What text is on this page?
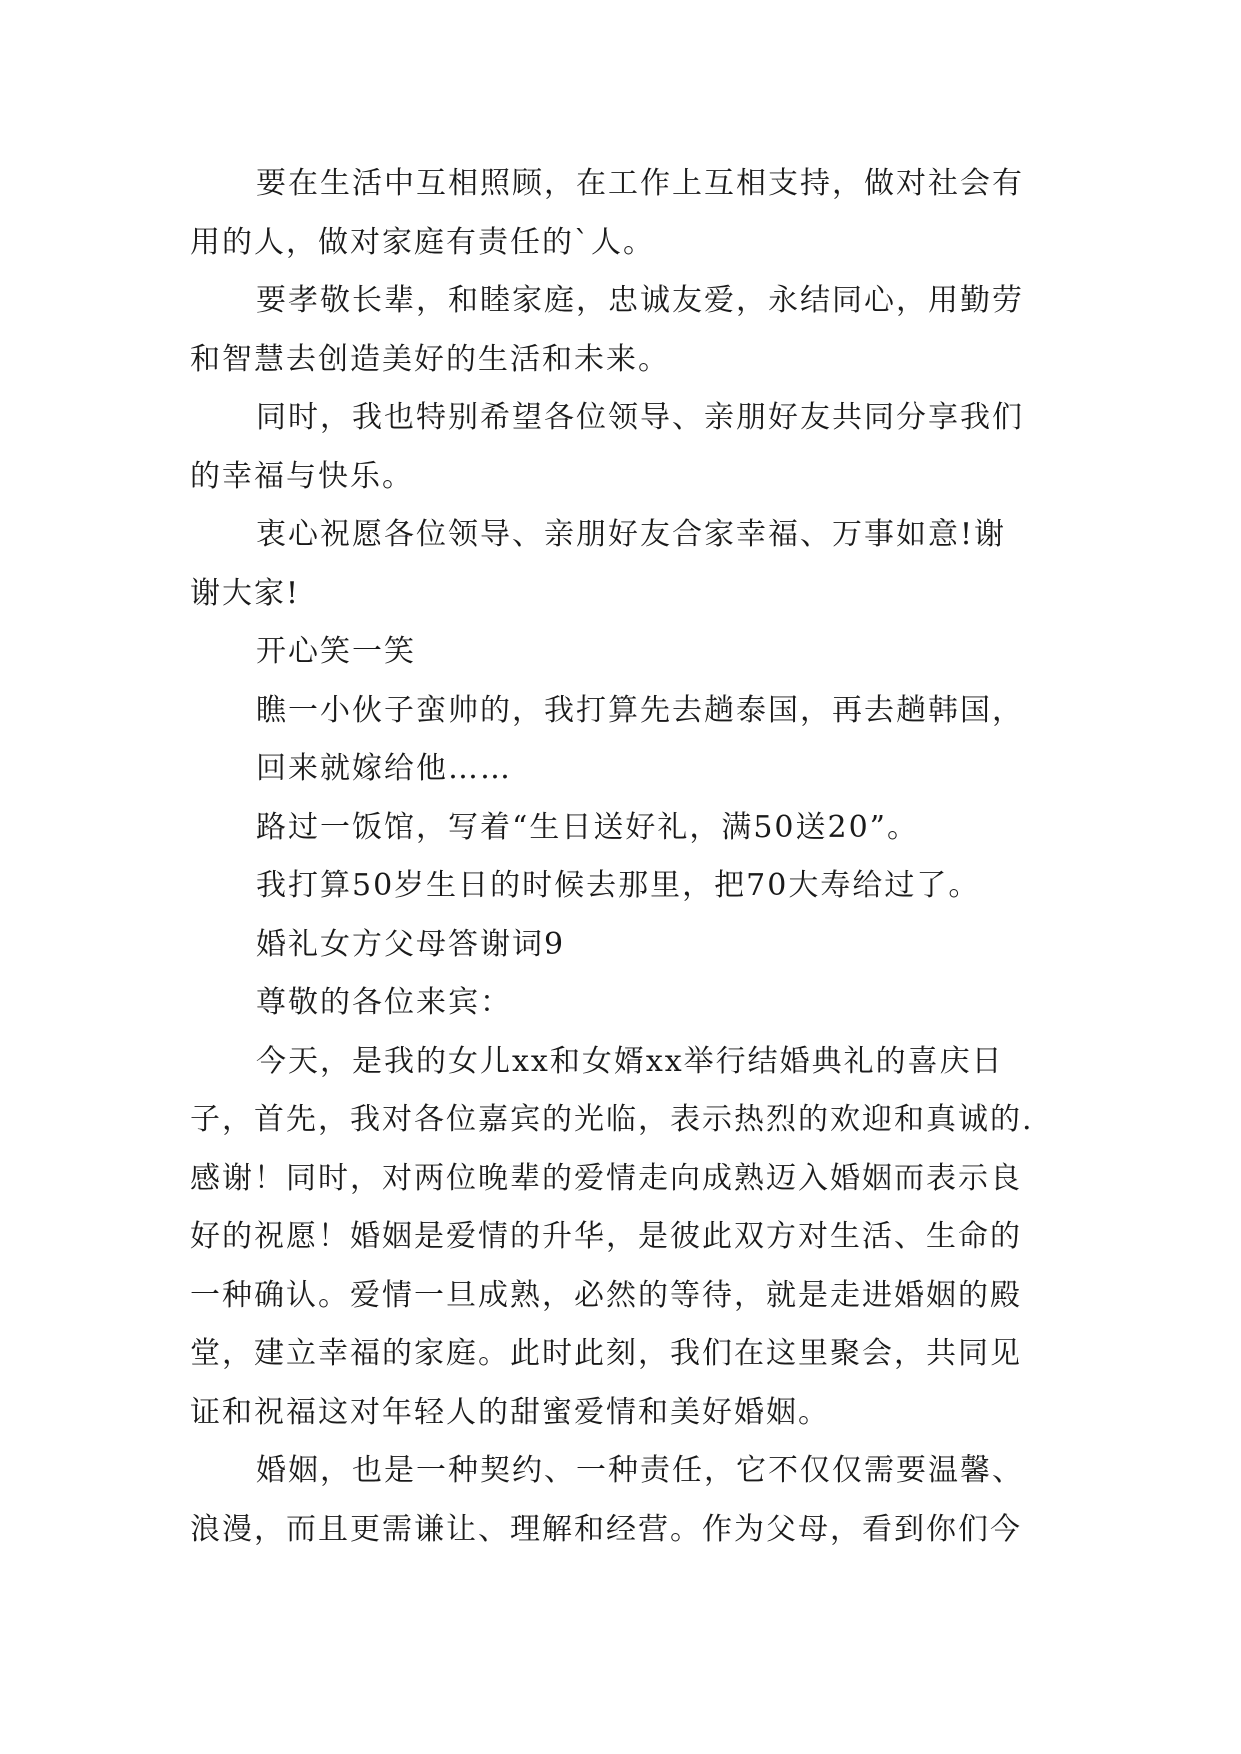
要在生活中互相照顾，在工作上互相支持，做对社会有
用的人，做对家庭有责任的`人。
要孝敬长辈，和睦家庭，忠诚友爱，永结同心，用勤劳
和智慧去创造美好的生活和未来。
同时，我也特别希望各位领导、亲朋好友共同分享我们
的幸福与快乐。
衷心祝愿各位领导、亲朋好友合家幸福、万事如意!谢
谢大家!
开心笑一笑
瞧一小伙子蛮帅的，我打算先去趟泰国，再去趟韩国，
回来就嫁给他……
路过一饭馆，写着“生日送好礼，满50送20”。
我打算50岁生日的时候去那里，把70大寿给过了。
婚礼女方父母答谢词9
尊敬的各位来宾：
今天，是我的女儿xx和女婿xx举行结婚典礼的喜庆日
子，首先，我对各位嘉宾的光临，表示热烈的欢迎和真诚的.
感谢！同时，对两位晚辈的爱情走向成熟迈入婚姻而表示良
好的祝愿！婚姻是爱情的升华，是彼此双方对生活、生命的
一种确认。爱情一旦成熟，必然的等待，就是走进婚姻的殿
堂，建立幸福的家庭。此时此刻，我们在这里聚会，共同见
证和祝福这对年轻人的甜蜜爱情和美好婚姻。
婚姻，也是一种契约、一种责任，它不仅仅需要温馨、
浪漫，而且更需谦让、理解和经营。作为父母，看到你们今
